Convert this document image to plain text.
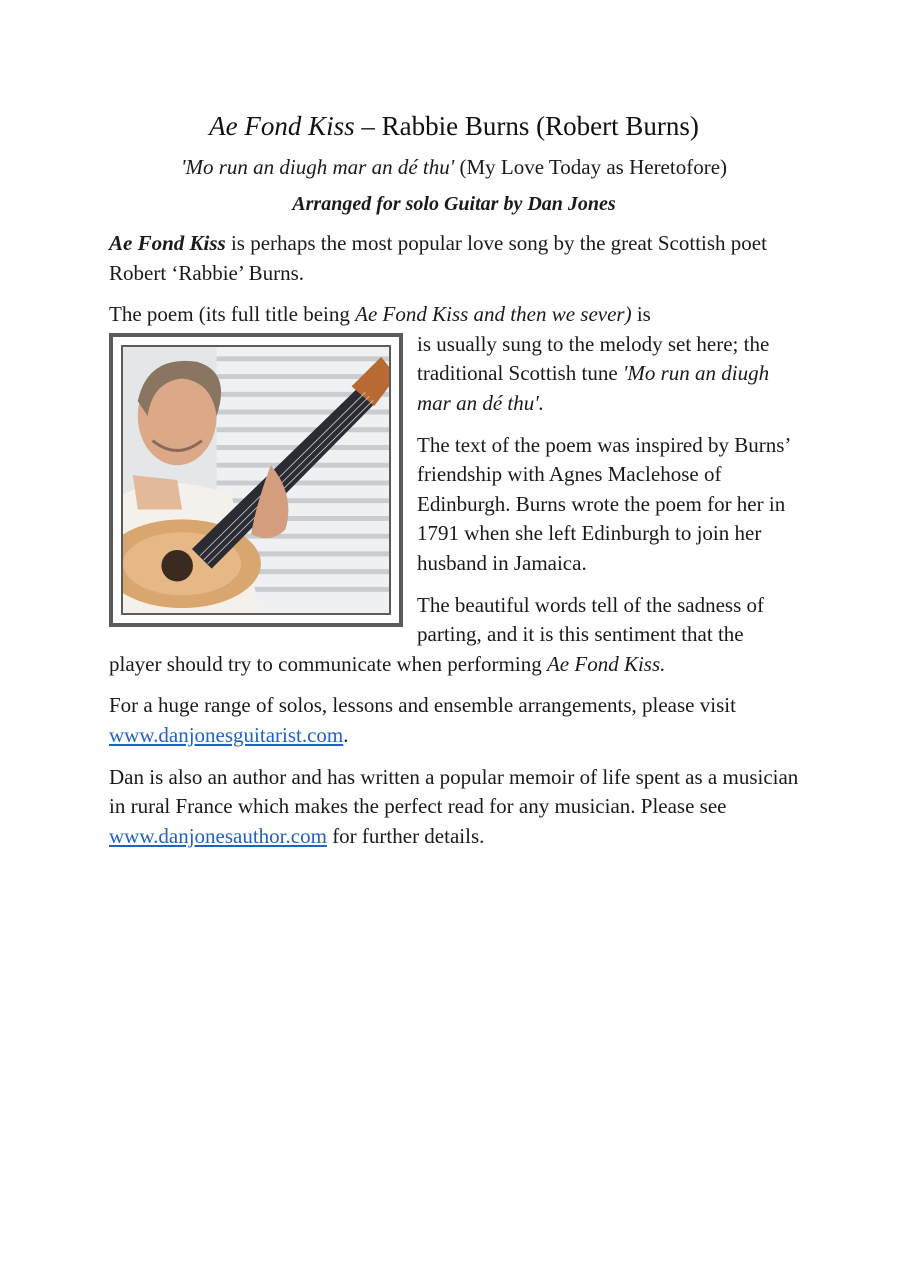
Ae Fond Kiss – Rabbie Burns (Robert Burns)
'Mo run an diugh mar an dé thu' (My Love Today as Heretofore)
Arranged for solo Guitar by Dan Jones

Ae Fond Kiss is perhaps the most popular love song by the great Scottish poet Robert ‘Rabbie’ Burns.

The poem (its full title being Ae Fond Kiss and then we sever) is

is usually sung to the melody set here; the traditional Scottish tune 'Mo run an diugh mar an dé thu'.

The text of the poem was inspired by Burns’ friendship with Agnes Maclehose of Edinburgh. Burns wrote the poem for her in 1791 when she left Edinburgh to join her husband in Jamaica.

The beautiful words tell of the sadness of parting, and it is this sentiment that the player should try to communicate when performing Ae Fond Kiss.

For a huge range of solos, lessons and ensemble arrangements, please visit www.danjonesguitarist.com.

Dan is also an author and has written a popular memoir of life spent as a musician in rural France which makes the perfect read for any musician. Please see www.danjonesauthor.com for further details.
